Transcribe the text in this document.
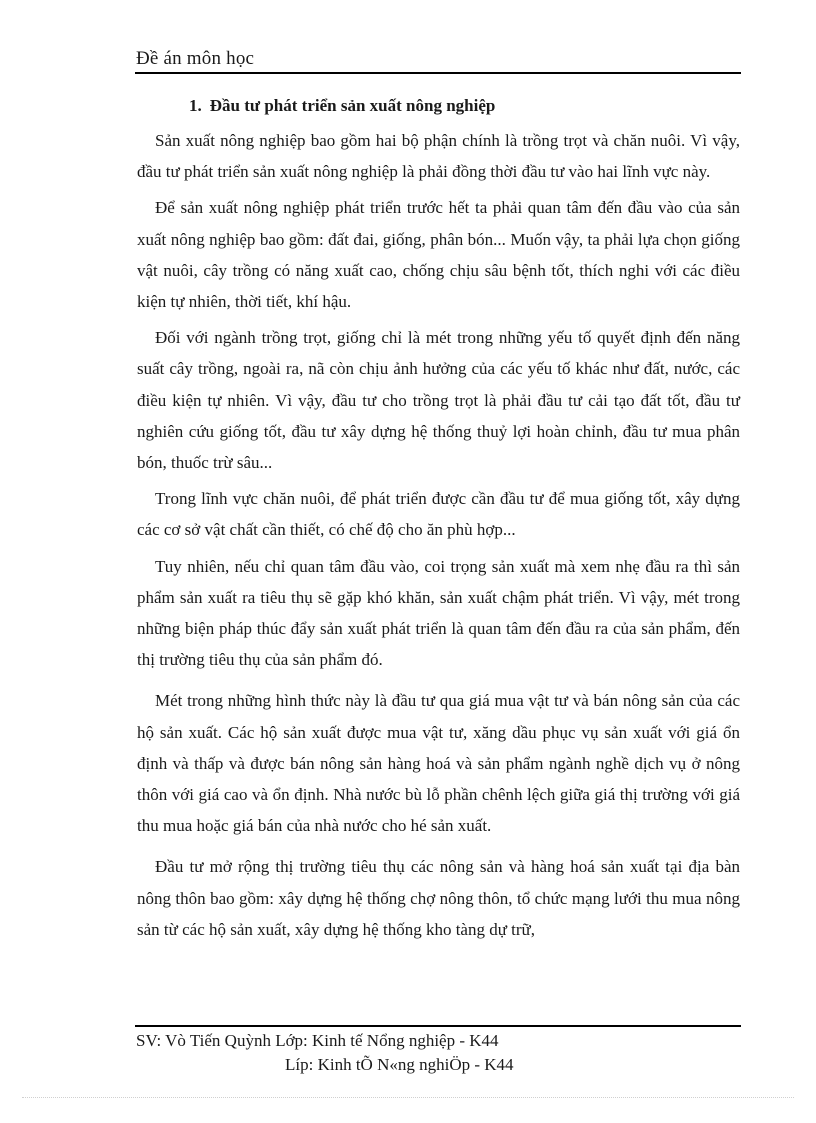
Đề án môn học
1. Đầu tư phát triển sản xuất nông nghiệp

Sản xuất nông nghiệp bao gồm hai bộ phận chính là trồng trọt và chăn nuôi. Vì vậy, đầu tư phát triển sản xuất nông nghiệp là phải đồng thời đầu tư vào hai lĩnh vực này.

Để sản xuất nông nghiệp phát triển trước hết ta phải quan tâm đến đầu vào của sản xuất nông nghiệp bao gồm: đất đai, giống, phân bón... Muốn vậy, ta phải lựa chọn giống vật nuôi, cây trồng có năng xuất cao, chống chịu sâu bệnh tốt, thích nghi với các điều kiện tự nhiên, thời tiết, khí hậu.

Đối với ngành trồng trọt, giống chỉ là mét trong những yếu tố quyết định đến năng suất cây trồng, ngoài ra, nã còn chịu ảnh hưởng của các yếu tố khác như đất, nước, các điều kiện tự nhiên. Vì vậy, đầu tư cho trồng trọt là phải đầu tư cải tạo đất tốt, đầu tư nghiên cứu giống tốt, đầu tư xây dựng hệ thống thuỷ lợi hoàn chỉnh, đầu tư mua phân bón, thuốc trừ sâu...

Trong lĩnh vực chăn nuôi, để phát triển được cần đầu tư để mua giống tốt, xây dựng các cơ sở vật chất cần thiết, có chế độ cho ăn phù hợp...

Tuy nhiên, nếu chỉ quan tâm đầu vào, coi trọng sản xuất mà xem nhẹ đầu ra thì sản phẩm sản xuất ra tiêu thụ sẽ gặp khó khăn, sản xuất chậm phát triển. Vì vậy, mét trong những biện pháp thúc đẩy sản xuất phát triển là quan tâm đến đầu ra của sản phẩm, đến thị trường tiêu thụ của sản phẩm đó.

Mét trong những hình thức này là đầu tư qua giá mua vật tư và bán nông sản của các hộ sản xuất. Các hộ sản xuất được mua vật tư, xăng dầu phục vụ sản xuất với giá ổn định và thấp và được bán nông sản hàng hoá và sản phẩm ngành nghề dịch vụ ở nông thôn với giá cao và ổn định. Nhà nước bù lỗ phần chênh lệch giữa giá thị trường với giá thu mua hoặc giá bán của nhà nước cho hé sản xuất.

Đầu tư mở rộng thị trường tiêu thụ các nông sản và hàng hoá sản xuất tại địa bàn nông thôn bao gồm: xây dựng hệ thống chợ nông thôn, tổ chức mạng lưới thu mua nông sản từ các hộ sản xuất, xây dựng hệ thống kho tàng dự trữ,

SV: Vò Tiến Quỳnh Lớp: Kinh tế Nổng nghiệp - K44
Líp: Kinh tÕ N«ng nghiÖp - K44
